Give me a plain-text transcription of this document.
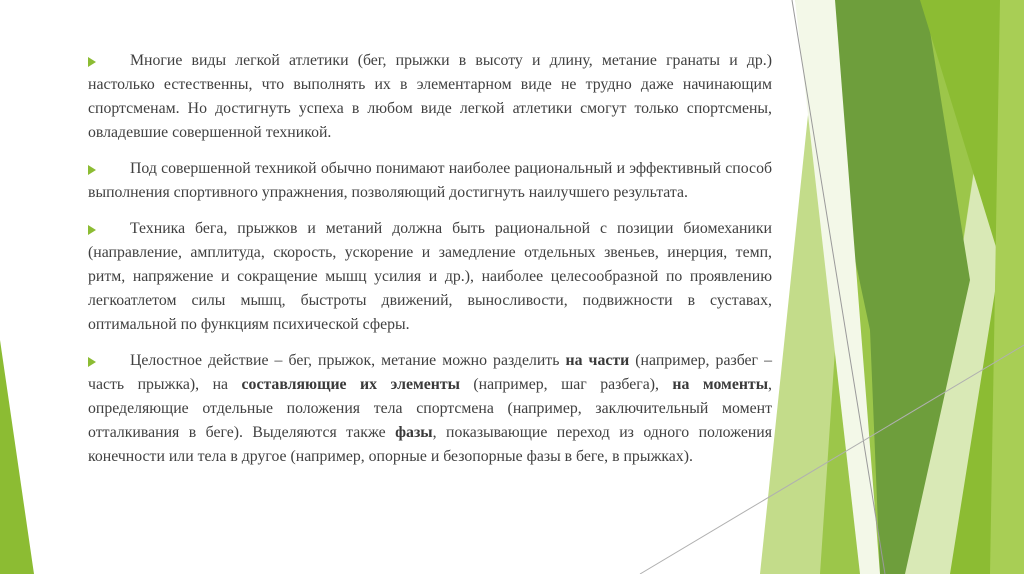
Многие виды легкой атлетики (бег, прыжки в высоту и длину, метание гранаты и др.) настолько естественны, что выполнять их в элементарном виде не трудно даже начинающим спортсменам. Но достигнуть успеха в любом виде легкой атлетики смогут только спортсмены, овладевшие совершенной техникой.
Под совершенной техникой обычно понимают наиболее рациональный и эффективный способ выполнения спортивного упражнения, позволяющий достигнуть наилучшего результата.
Техника бега, прыжков и метаний должна быть рациональной с позиции биомеханики (направление, амплитуда, скорость, ускорение и замедление отдельных звеньев, инерция, темп, ритм, напряжение и сокращение мышц усилия и др.), наиболее целесообразной по проявлению легкоатлетом силы мышц, быстроты движений, выносливости, подвижности в суставах, оптимальной по функциям психической сферы.
Целостное действие – бег, прыжок, метание можно разделить на части (например, разбег – часть прыжка), на составляющие их элементы (например, шаг разбега), на моменты, определяющие отдельные положения тела спортсмена (например, заключительный момент отталкивания в беге). Выделяются также фазы, показывающие переход из одного положения конечности или тела в другое (например, опорные и безопорные фазы в беге, в прыжках).
